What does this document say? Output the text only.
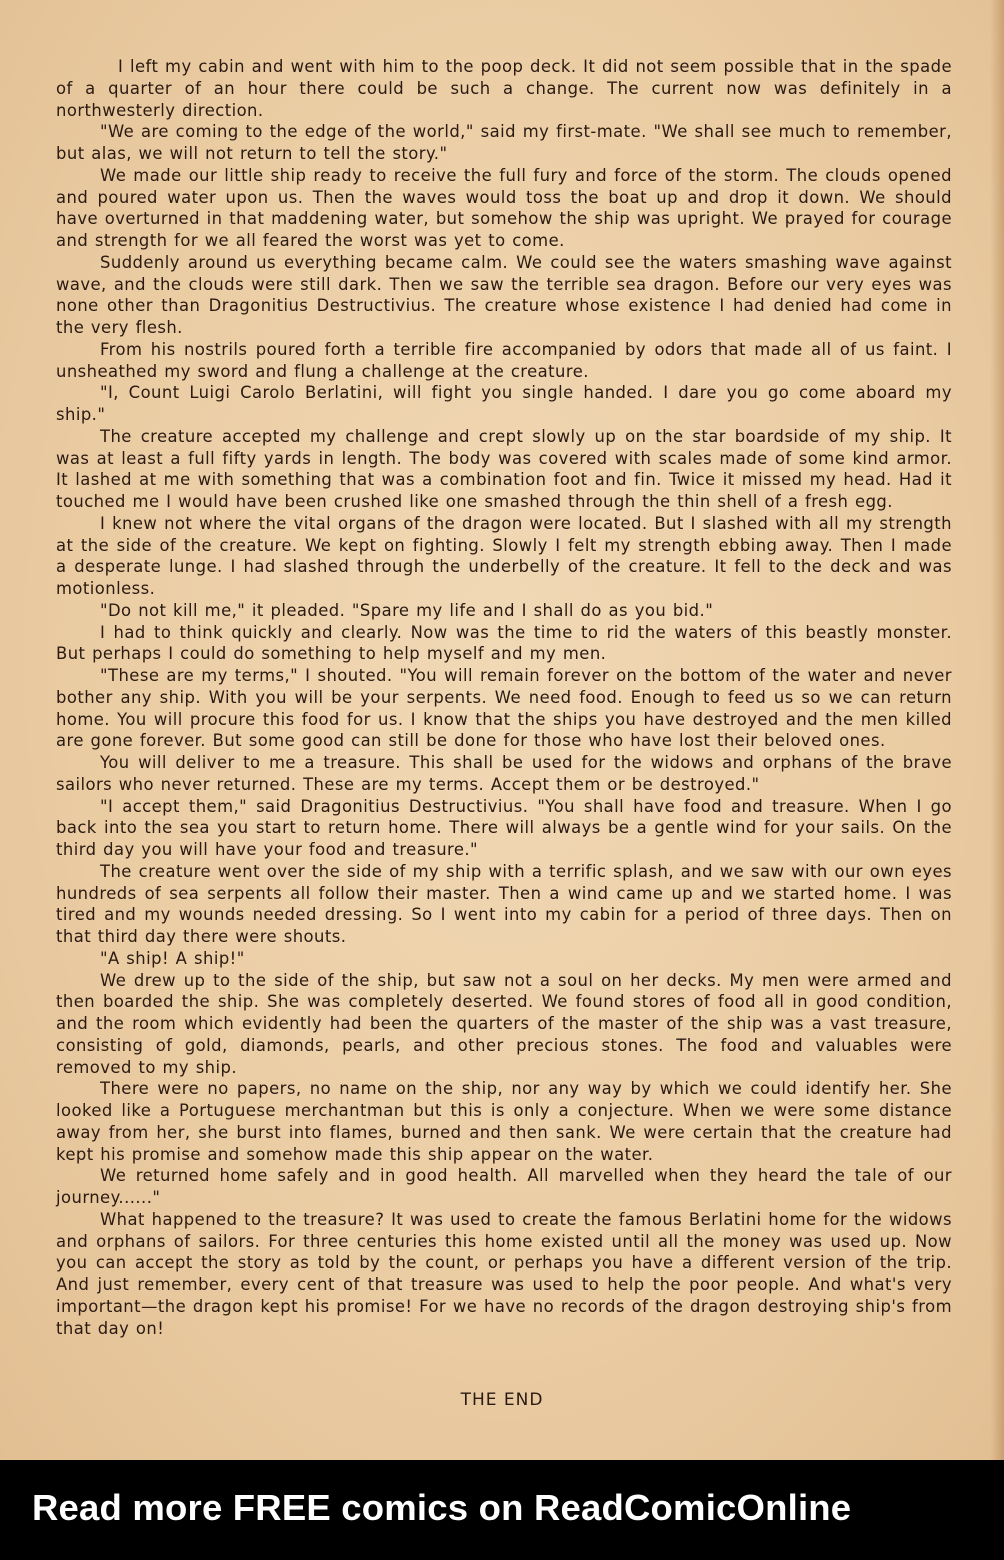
I left my cabin and went with him to the poop deck. It did not seem possible that in the spade of a quarter of an hour there could be such a change. The current now was definitely in a northwesterly direction.

"We are coming to the edge of the world," said my first-mate. "We shall see much to remember, but alas, we will not return to tell the story."

We made our little ship ready to receive the full fury and force of the storm. The clouds opened and poured water upon us. Then the waves would toss the boat up and drop it down. We should have overturned in that maddening water, but somehow the ship was upright. We prayed for courage and strength for we all feared the worst was yet to come.

Suddenly around us everything became calm. We could see the waters smashing wave against wave, and the clouds were still dark. Then we saw the terrible sea dragon. Before our very eyes was none other than Dragonitius Destructivius. The creature whose existence I had denied had come in the very flesh.

From his nostrils poured forth a terrible fire accompanied by odors that made all of us faint. I unsheathed my sword and flung a challenge at the creature.

"I, Count Luigi Carolo Berlatini, will fight you single handed. I dare you go come aboard my ship."

The creature accepted my challenge and crept slowly up on the star boardside of my ship. It was at least a full fifty yards in length. The body was covered with scales made of some kind armor. It lashed at me with something that was a combination foot and fin. Twice it missed my head. Had it touched me I would have been crushed like one smashed through the thin shell of a fresh egg.

I knew not where the vital organs of the dragon were located. But I slashed with all my strength at the side of the creature. We kept on fighting. Slowly I felt my strength ebbing away. Then I made a desperate lunge. I had slashed through the underbelly of the creature. It fell to the deck and was motionless.

"Do not kill me," it pleaded. "Spare my life and I shall do as you bid."

I had to think quickly and clearly. Now was the time to rid the waters of this beastly monster. But perhaps I could do something to help myself and my men.

"These are my terms," I shouted. "You will remain forever on the bottom of the water and never bother any ship. With you will be your serpents. We need food. Enough to feed us so we can return home. You will procure this food for us. I know that the ships you have destroyed and the men killed are gone forever. But some good can still be done for those who have lost their beloved ones.

You will deliver to me a treasure. This shall be used for the widows and orphans of the brave sailors who never returned. These are my terms. Accept them or be destroyed."

"I accept them," said Dragonitius Destructivius. "You shall have food and treasure. When I go back into the sea you start to return home. There will always be a gentle wind for your sails. On the third day you will have your food and treasure."

The creature went over the side of my ship with a terrific splash, and we saw with our own eyes hundreds of sea serpents all follow their master. Then a wind came up and we started home. I was tired and my wounds needed dressing. So I went into my cabin for a period of three days. Then on that third day there were shouts.

"A ship! A ship!"

We drew up to the side of the ship, but saw not a soul on her decks. My men were armed and then boarded the ship. She was completely deserted. We found stores of food all in good condition, and the room which evidently had been the quarters of the master of the ship was a vast treasure, consisting of gold, diamonds, pearls, and other precious stones. The food and valuables were removed to my ship.

There were no papers, no name on the ship, nor any way by which we could identify her. She looked like a Portuguese merchantman but this is only a conjecture. When we were some distance away from her, she burst into flames, burned and then sank. We were certain that the creature had kept his promise and somehow made this ship appear on the water.

We returned home safely and in good health. All marvelled when they heard the tale of our journey......"

What happened to the treasure? It was used to create the famous Berlatini home for the widows and orphans of sailors. For three centuries this home existed until all the money was used up. Now you can accept the story as told by the count, or perhaps you have a different version of the trip. And just remember, every cent of that treasure was used to help the poor people. And what's very important—the dragon kept his promise! For we have no records of the dragon destroying ship's from that day on!

THE END
Read more FREE comics on ReadComicOnline
